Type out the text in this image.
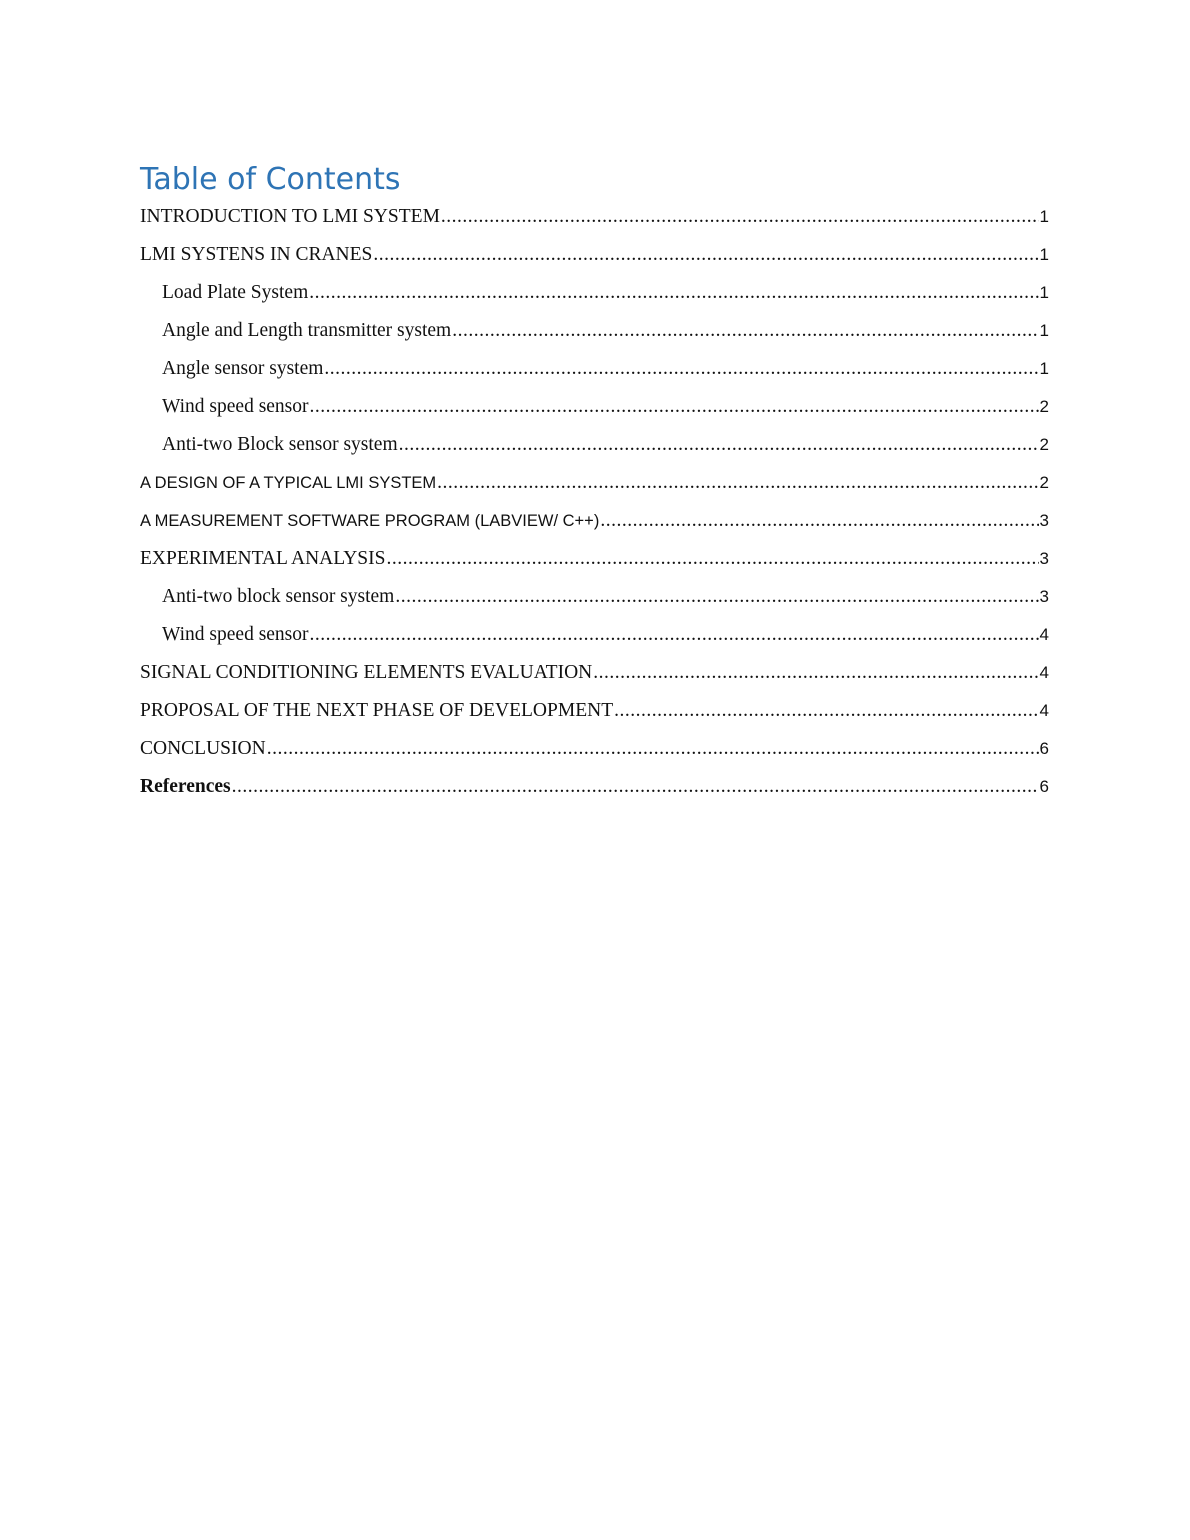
Table of Contents
INTRODUCTION TO LMI SYSTEM .....	1
LMI SYSTENS IN CRANES .....	1
Load Plate System .....	1
Angle and Length transmitter system .....	1
Angle sensor system .....	1
Wind speed sensor .....	2
Anti-two Block sensor system .....	2
A DESIGN OF A TYPICAL LMI SYSTEM .....	2
A MEASUREMENT SOFTWARE PROGRAM (LABVIEW/ C++) .....	3
EXPERIMENTAL ANALYSIS .....	3
Anti-two block sensor system .....	3
Wind speed sensor .....	4
SIGNAL CONDITIONING ELEMENTS EVALUATION .....	4
PROPOSAL OF THE NEXT PHASE OF DEVELOPMENT .....	4
CONCLUSION .....	6
References .....	6
